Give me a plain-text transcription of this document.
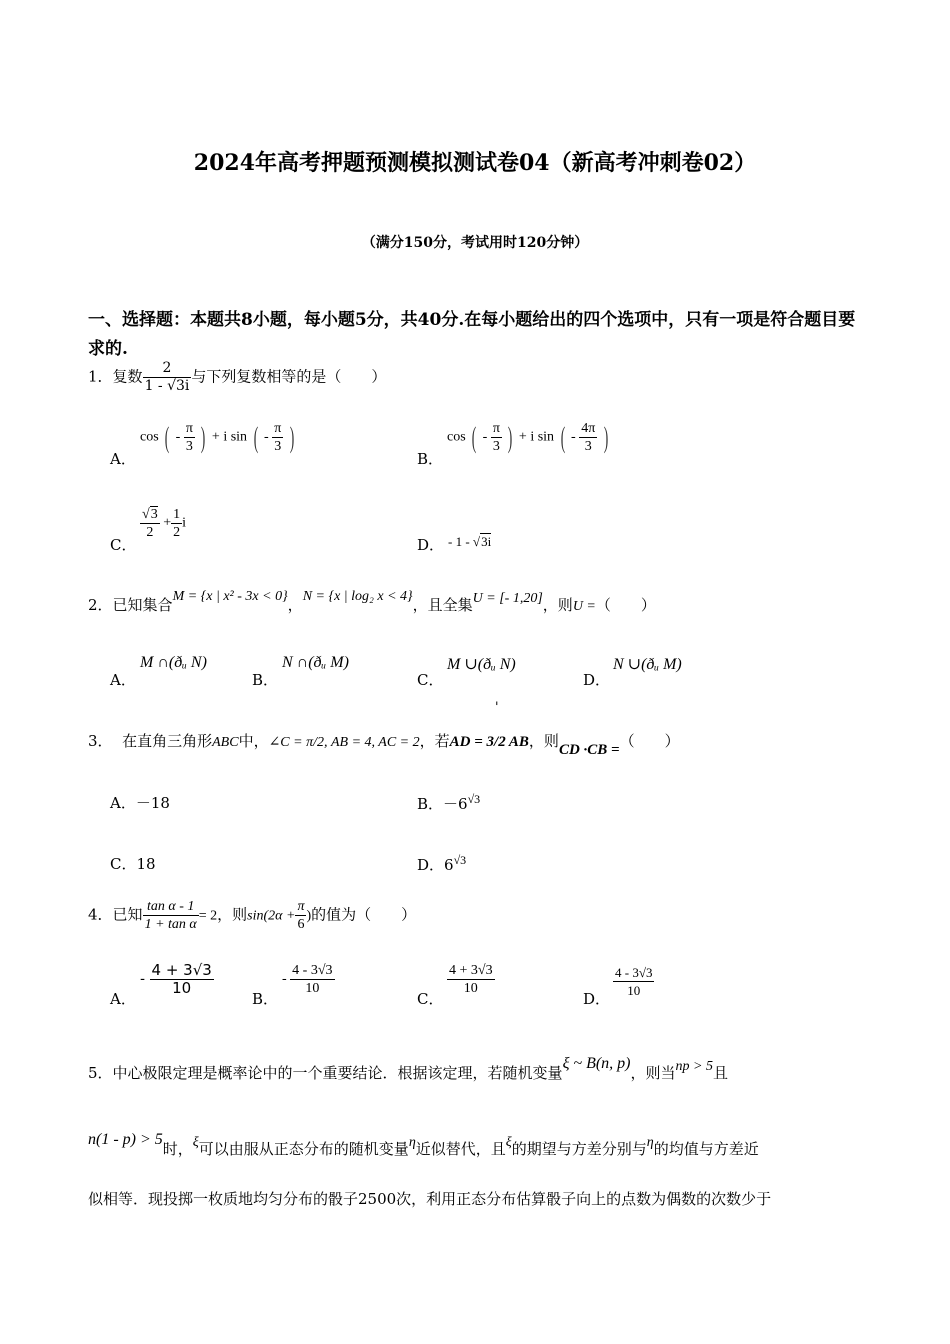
2024年高考押题预测模拟测试卷04（新高考冲刺卷02）
（满分150分，考试用时120分钟）
一、选择题：本题共8小题，每小题5分，共40分.在每小题给出的四个选项中，只有一项是符合题目要求的.
1．复数 $\frac{2}{1 - √3i}$ 与下列复数相等的是（　　）
A．
cos ( - $\frac{\pi}{3}$ ) + i sin ( - $\frac{\pi}{3}$ )
B．
cos ( - $\frac{\pi}{3}$ ) + i sin ( - $\frac{4\pi}{3}$ )
C．
$\frac{√3}{2} + \frac{1}{2}$ i
D． - 1 - √3i
2．已知集合M = {x | x² - 3x < 0}，N = {x | log₂ x < 4}，且全集U = [- 1,20]，则U =（　　）
A．
M ∩(ðᵤ N)
B．
N ∩(ðᵤ M)
C．
M ∪(ðᵤ N)
D．
N ∪(ðᵤ M)
'
3． 在直角三角形ABC中，∠C = π/2, AB = 4, AC = 2，若AD = 3/2 AB，则CD ·CB =（　　）
A．－18	B．$-6^{√3}$
C．18	D．$6^{√3}$
4．已知 $\frac{\text{tan α - 1}}{\text{1 + tan α}} = 2$，则$\sin(2\alpha + \frac{\pi}{6}$ )的值为（　　）
A．
- $\frac{4 + 3√3}{10}$
B．
- $\frac{4 - 3√3}{10}$
C．
$\frac{4 + 3√3}{10}$
D． $\frac{4 - 3√3}{10}$
5．中心极限定理是概率论中的一个重要结论．根据该定理，若随机变量ξ ~ B(n, p)，则当np > 5且
n(1 - p) > 5时，ξ可以由服从正态分布的随机变量η近似替代，且ξ的期望与方差分别与η的均值与方差近
似相等．现投掷一枚质地均匀分布的骰子2500次，利用正态分布估算骰子向上的点数为偶数的次数少于
